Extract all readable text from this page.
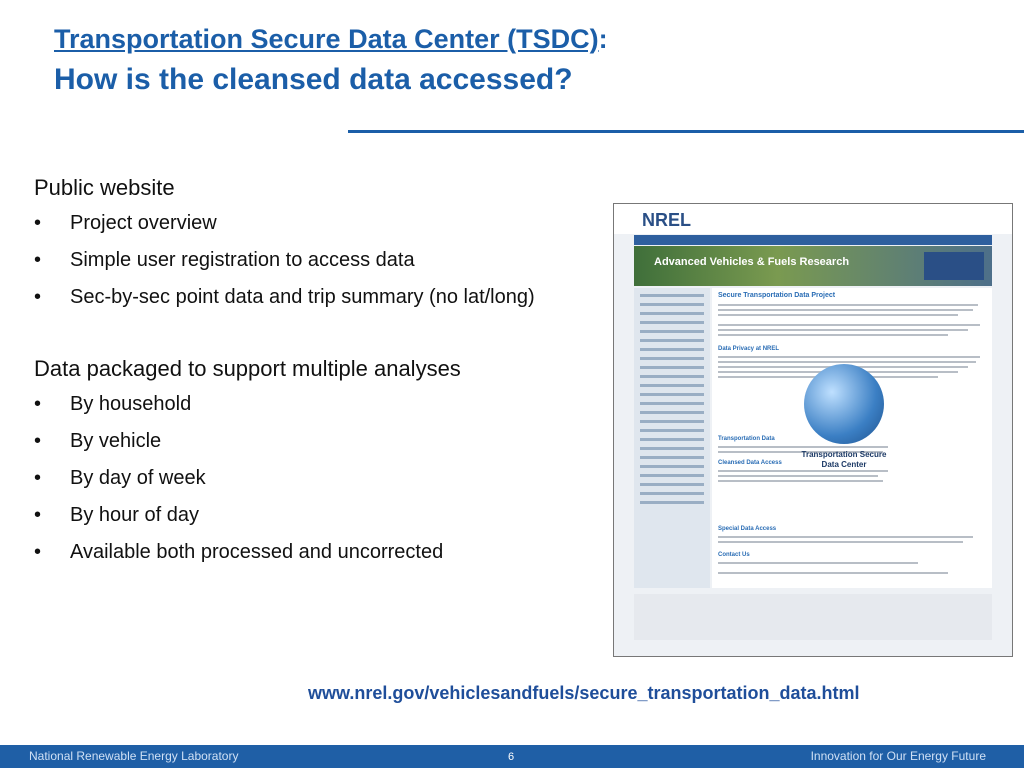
Transportation Secure Data Center (TSDC):
How is the cleansed data accessed?
Public website
• Project overview
• Simple user registration to access data
• Sec-by-sec point data and trip summary (no lat/long)
Data packaged to support multiple analyses
• By household
• By vehicle
• By day of week
• By hour of day
• Available both processed and uncorrected
NREL
Advanced Vehicles & Fuels Research
Secure Transportation Data Project
Data Privacy at NREL
Transportation Data
Cleansed Data Access
Special Data Access
Contact Us
Transportation Secure Data Center
www.nrel.gov/vehiclesandfuels/secure_transportation_data.html
National Renewable Energy Laboratory	6	Innovation for Our Energy Future
